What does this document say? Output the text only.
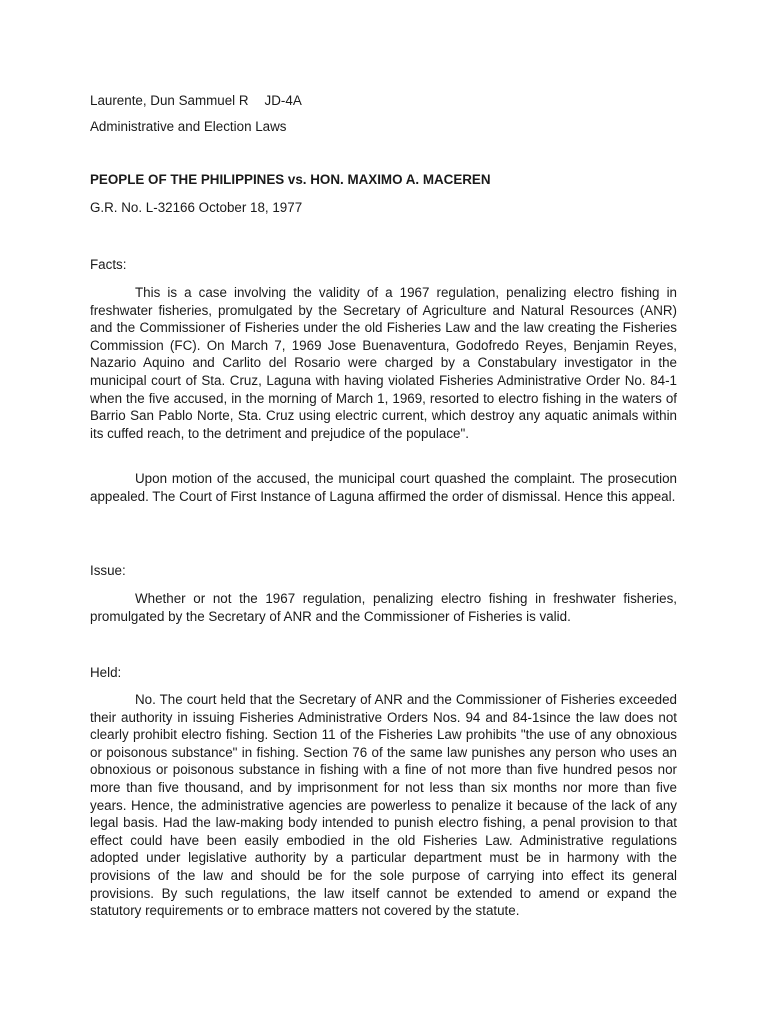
Laurente, Dun Sammuel R JD-4A
Administrative and Election Laws
PEOPLE OF THE PHILIPPINES vs. HON. MAXIMO A. MACEREN
G.R. No. L-32166 October 18, 1977
Facts:

This is a case involving the validity of a 1967 regulation, penalizing electro fishing in freshwater fisheries, promulgated by the Secretary of Agriculture and Natural Resources (ANR) and the Commissioner of Fisheries under the old Fisheries Law and the law creating the Fisheries Commission (FC). On March 7, 1969 Jose Buenaventura, Godofredo Reyes, Benjamin Reyes, Nazario Aquino and Carlito del Rosario were charged by a Constabulary investigator in the municipal court of Sta. Cruz, Laguna with having violated Fisheries Administrative Order No. 84-1 when the five accused, in the morning of March 1, 1969, resorted to electro fishing in the waters of Barrio San Pablo Norte, Sta. Cruz using electric current, which destroy any aquatic animals within its cuffed reach, to the detriment and prejudice of the populace".

Upon motion of the accused, the municipal court quashed the complaint. The prosecution appealed. The Court of First Instance of Laguna affirmed the order of dismissal. Hence this appeal.

Issue:

Whether or not the 1967 regulation, penalizing electro fishing in freshwater fisheries, promulgated by the Secretary of ANR and the Commissioner of Fisheries is valid.

Held:

No. The court held that the Secretary of ANR and the Commissioner of Fisheries exceeded their authority in issuing Fisheries Administrative Orders Nos. 94 and 84-1since the law does not clearly prohibit electro fishing. Section 11 of the Fisheries Law prohibits "the use of any obnoxious or poisonous substance" in fishing. Section 76 of the same law punishes any person who uses an obnoxious or poisonous substance in fishing with a fine of not more than five hundred pesos nor more than five thousand, and by imprisonment for not less than six months nor more than five years. Hence, the administrative agencies are powerless to penalize it because of the lack of any legal basis. Had the law-making body intended to punish electro fishing, a penal provision to that effect could have been easily embodied in the old Fisheries Law. Administrative regulations adopted under legislative authority by a particular department must be in harmony with the provisions of the law and should be for the sole purpose of carrying into effect its general provisions. By such regulations, the law itself cannot be extended to amend or expand the statutory requirements or to embrace matters not covered by the statute.
